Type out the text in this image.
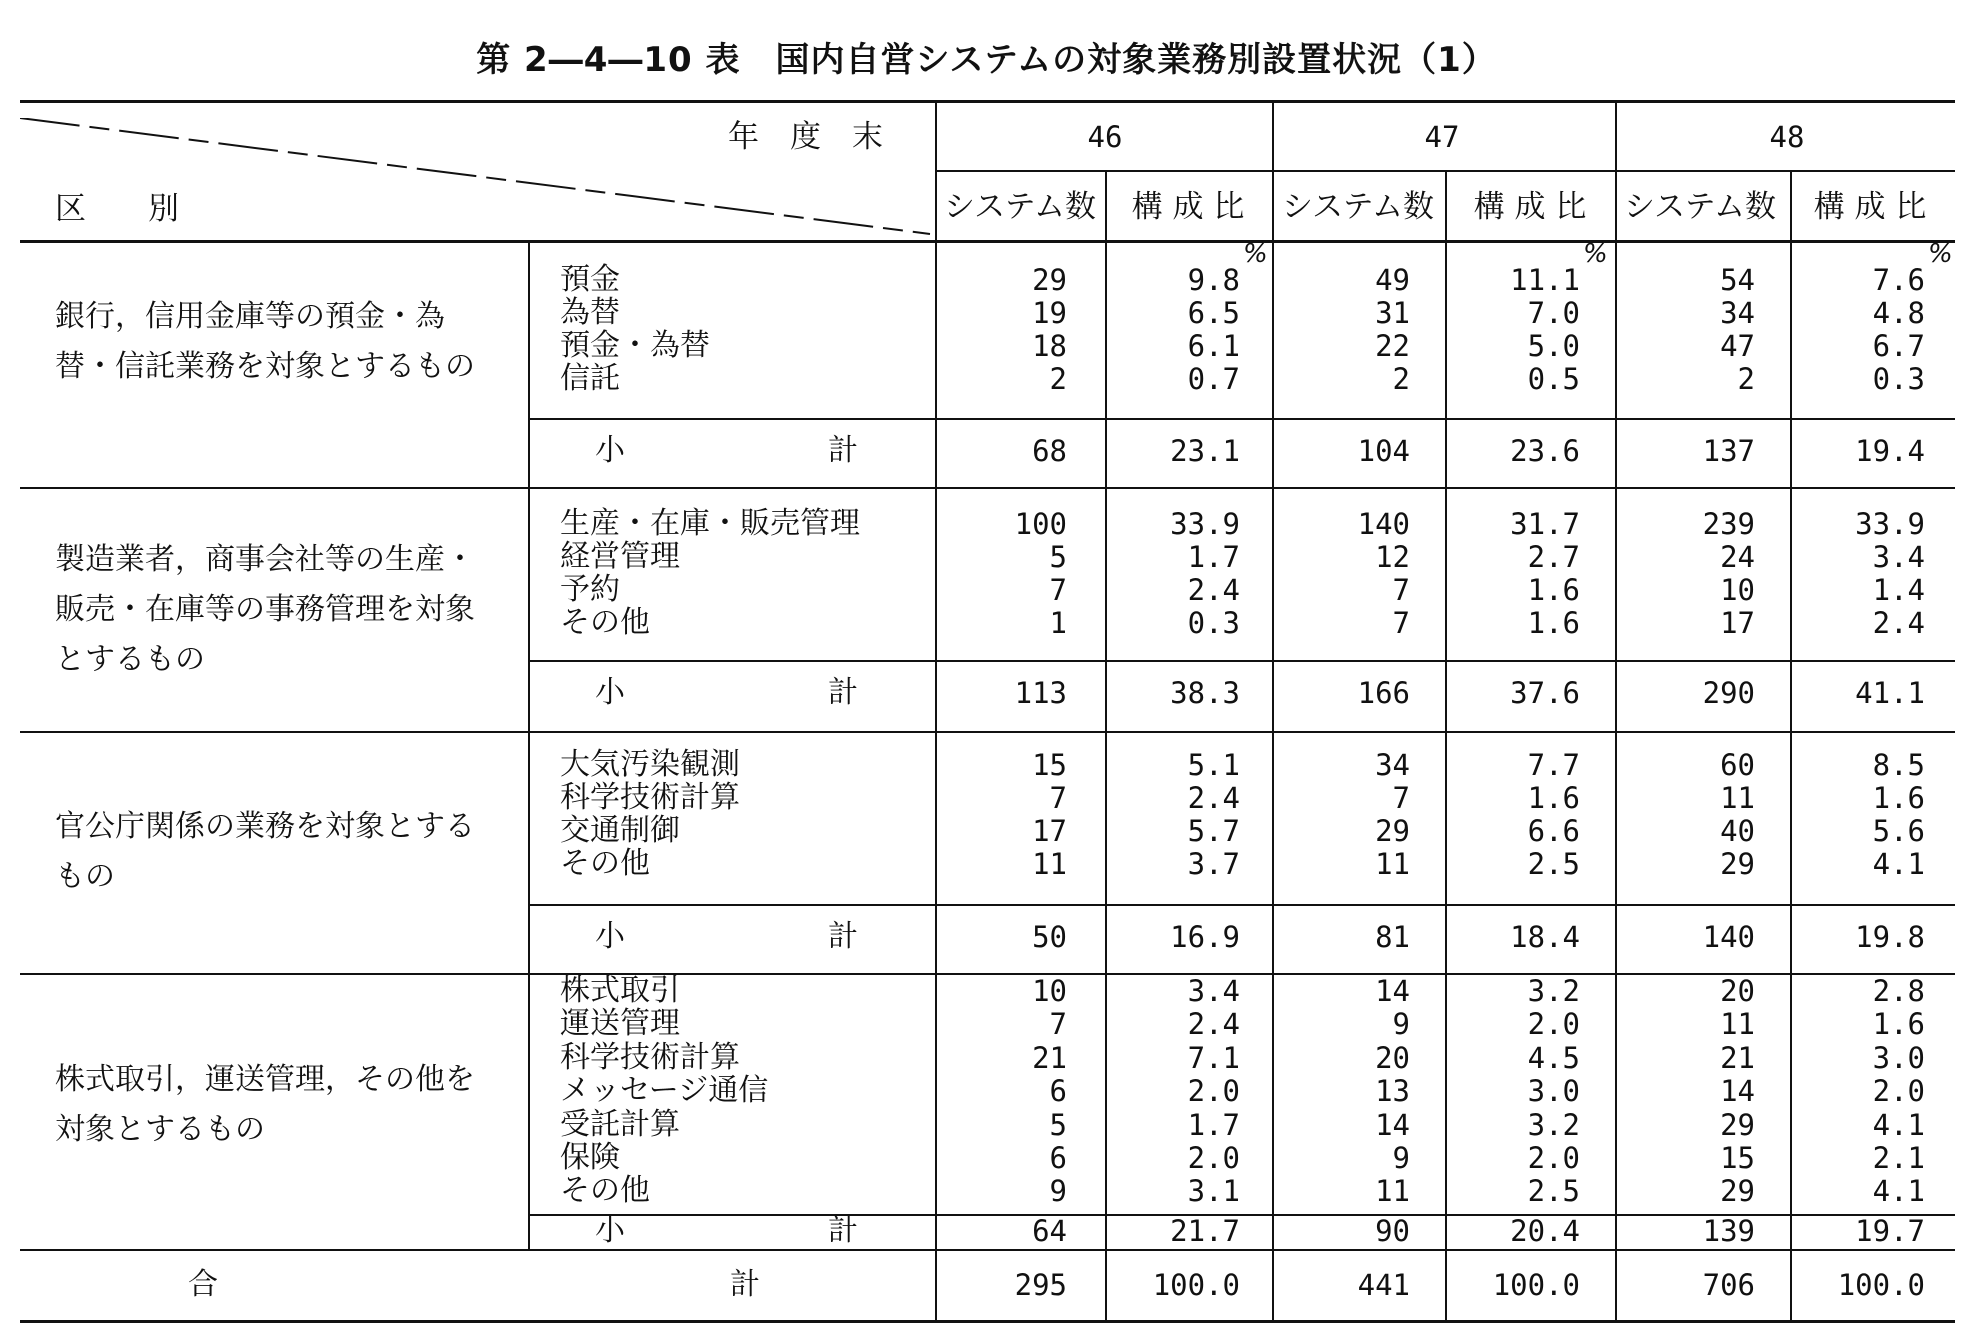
第 2―4―10 表　国内自営システムの対象業務別設置状況（1）
年　度　末
区　　別
46	47	48
システム数 構 成 比 システム数 構 成 比 システム数 構 成 比
銀行，信用金庫等の預金・為替・信託業務を対象とするもの
預金	29	9.8	49	11.1	54	7.6
%	%	%
為替	19	6.5	31	7.0	34	4.8
預金・為替	18	6.1	22	5.0	47	6.7
信託	2	0.7	2	0.5	2	0.3
小	計	68	23.1	104	23.6	137	19.4
製造業者，商事会社等の生産・販売・在庫等の事務管理を対象とするもの
生産・在庫・販売管理	100	33.9	140	31.7	239	33.9
経営管理	5	1.7	12	2.7	24	3.4
予約	7	2.4	7	1.6	10	1.4
その他	1	0.3	7	1.6	17	2.4
小	計	113	38.3	166	37.6	290	41.1
官公庁関係の業務を対象とするもの
大気汚染観測	15	5.1	34	7.7	60	8.5
科学技術計算	7	2.4	7	1.6	11	1.6
交通制御	17	5.7	29	6.6	40	5.6
その他	11	3.7	11	2.5	29	4.1
小	計	50	16.9	81	18.4	140	19.8
株式取引，運送管理，その他を対象とするもの
株式取引	10	3.4	14	3.2	20	2.8
運送管理	7	2.4	9	2.0	11	1.6
科学技術計算	21	7.1	20	4.5	21	3.0
メッセージ通信	6	2.0	13	3.0	14	2.0
受託計算	5	1.7	14	3.2	29	4.1
保険	6	2.0	9	2.0	15	2.1
その他	9	3.1	11	2.5	29	4.1
小	計	64	21.7	90	20.4	139	19.7
合	計	295	100.0	441	100.0	706	100.0
